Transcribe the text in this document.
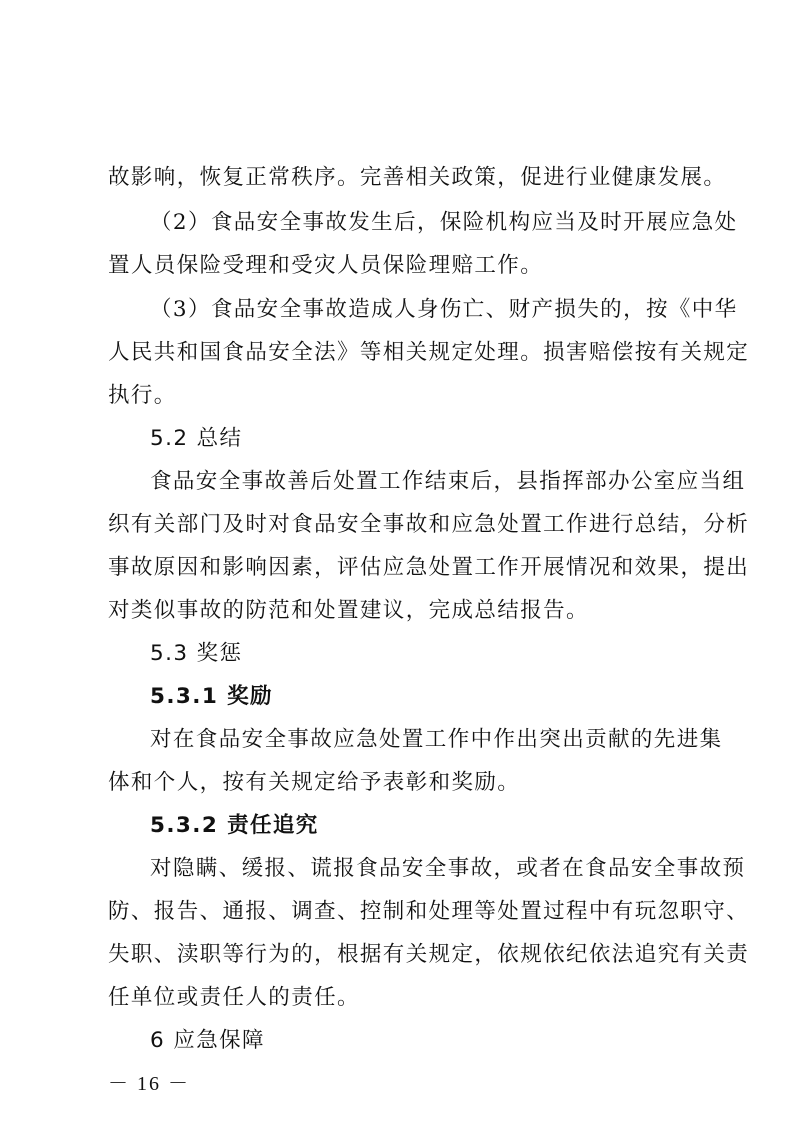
故影响，恢复正常秩序。完善相关政策，促进行业健康发展。
（2）食品安全事故发生后，保险机构应当及时开展应急处
置人员保险受理和受灾人员保险理赔工作。
（3）食品安全事故造成人身伤亡、财产损失的，按《中华
人民共和国食品安全法》等相关规定处理。损害赔偿按有关规定
执行。
5.2 总结
食品安全事故善后处置工作结束后，县指挥部办公室应当组
织有关部门及时对食品安全事故和应急处置工作进行总结，分析
事故原因和影响因素，评估应急处置工作开展情况和效果，提出
对类似事故的防范和处置建议，完成总结报告。
5.3 奖惩
5.3.1 奖励
对在食品安全事故应急处置工作中作出突出贡献的先进集
体和个人，按有关规定给予表彰和奖励。
5.3.2 责任追究
对隐瞒、缓报、谎报食品安全事故，或者在食品安全事故预
防、报告、通报、调查、控制和处理等处置过程中有玩忽职守、
失职、渎职等行为的，根据有关规定，依规依纪依法追究有关责
任单位或责任人的责任。
6 应急保障
－ 16 －
